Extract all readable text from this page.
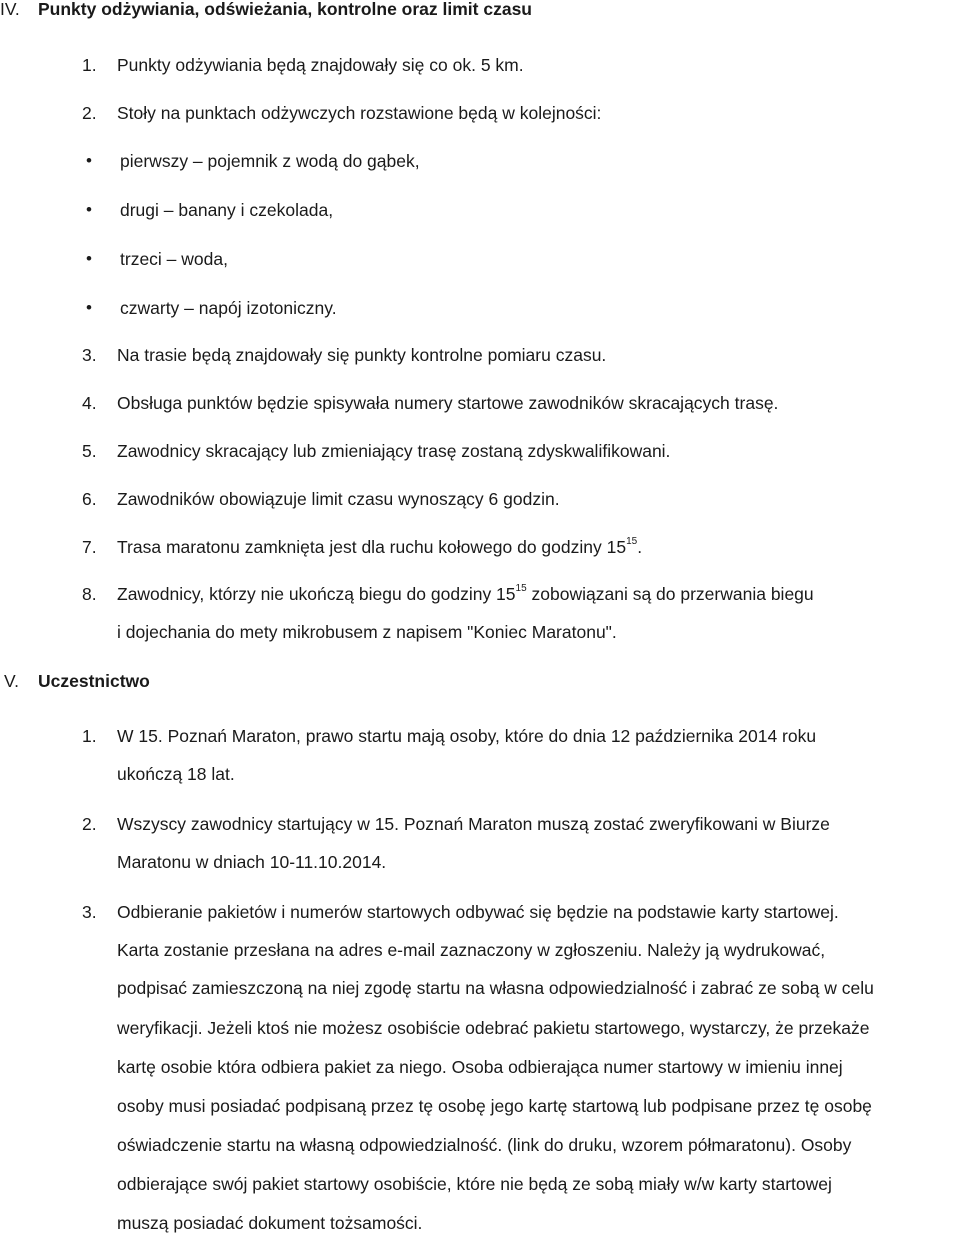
IV. Punkty odżywiania, odświeżania, kontrolne oraz limit czasu
1. Punkty odżywiania będą znajdowały się co ok. 5 km.
2. Stoły na punktach odżywczych rozstawione będą w kolejności:
• pierwszy – pojemnik z wodą do gąbek,
• drugi – banany i czekolada,
• trzeci – woda,
• czwarty – napój izotoniczny.
3. Na trasie będą znajdowały się punkty kontrolne pomiaru czasu.
4. Obsługa punktów będzie spisywała numery startowe zawodników skracających trasę.
5. Zawodnicy skracający lub zmieniający trasę zostaną zdyskwalifikowani.
6. Zawodników obowiązuje limit czasu wynoszący 6 godzin.
7. Trasa maratonu zamknięta jest dla ruchu kołowego do godziny $15^{15}$.
8. Zawodnicy, którzy nie ukończą biegu do godziny $15^{15}$ zobowiązani są do przerwania biegu
i dojechania do mety mikrobusem z napisem "Koniec Maratonu".
V. Uczestnictwo
1. W 15. Poznań Maraton, prawo startu mają osoby, które do dnia 12 października 2014 roku
ukończą 18 lat.
2. Wszyscy zawodnicy startujący w 15. Poznań Maraton muszą zostać zweryfikowani w Biurze
Maratonu w dniach 10-11.10.2014.
3. Odbieranie pakietów i numerów startowych odbywać się będzie na podstawie karty startowej.
Karta zostanie przesłana na adres e-mail zaznaczony w zgłoszeniu. Należy ją wydrukować,
podpisać zamieszczoną na niej zgodę startu na własna odpowiedzialność i zabrać ze sobą w celu
weryfikacji. Jeżeli ktoś nie możesz osobiście odebrać pakietu startowego, wystarczy, że przekaże
kartę osobie która odbiera pakiet za niego. Osoba odbierająca numer startowy w imieniu innej
osoby musi posiadać podpisaną przez tę osobę jego kartę startową lub podpisane przez tę osobę
oświadczenie startu na własną odpowiedzialność. (link do druku, wzorem półmaratonu). Osoby
odbierające swój pakiet startowy osobiście, które nie będą ze sobą miały w/w karty startowej
muszą posiadać dokument tożsamości.
